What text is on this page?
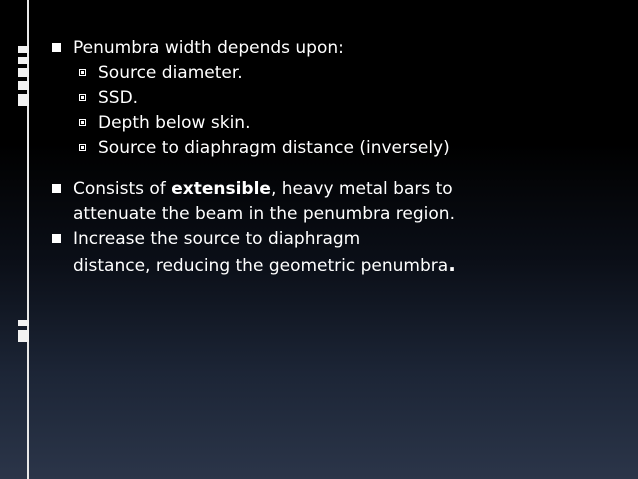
Penumbra width depends upon:
Source diameter.
SSD.
Depth below skin.
Source to diaphragm distance (inversely)
Consists of extensible, heavy metal bars to
attenuate the beam in the penumbra region.
Increase the source to diaphragm
distance, reducing the geometric penumbra.
